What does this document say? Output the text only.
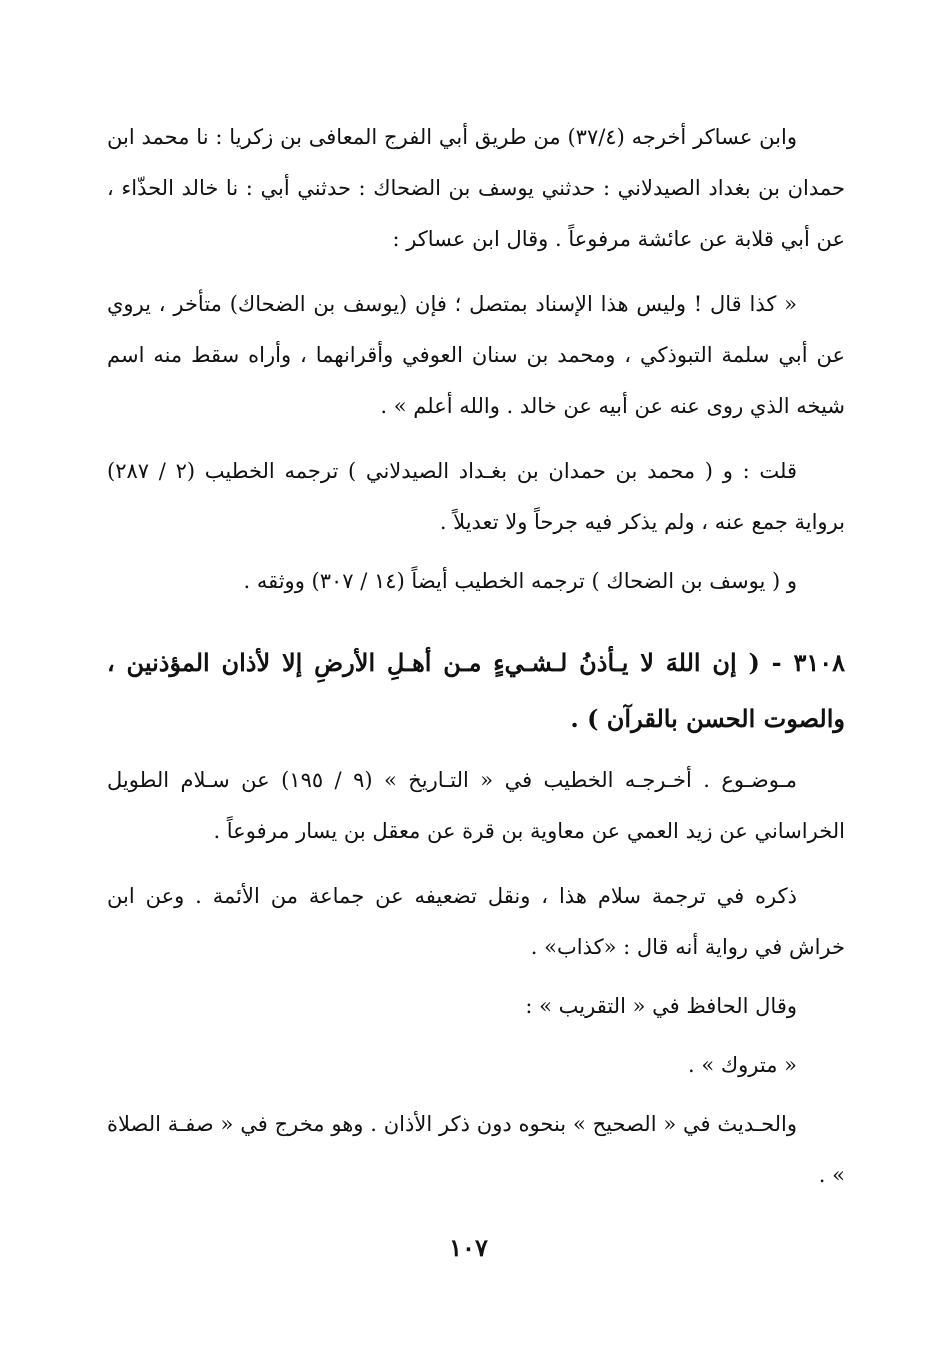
وابن عساكر أخرجه (٣٧/٤) من طريق أبي الفرج المعافى بن زكريا : نا محمد ابن حمدان بن بغداد الصيدلاني : حدثني يوسف بن الضحاك : حدثني أبي : نا خالد الحذّاء ، عن أبي قلابة عن عائشة مرفوعاً . وقال ابن عساكر :

« كذا قال ! وليس هذا الإسناد بمتصل ؛ فإن (يوسف بن الضحاك) متأخر ، يروي عن أبي سلمة التبوذكي ، ومحمد بن سنان العوفي وأقرانهما ، وأراه سقط منه اسم شيخه الذي روى عنه عن أبيه عن خالد . والله أعلم » .

قلت : و ( محمد بن حمدان بن بغـداد الصيدلاني ) ترجمه الخطيب (٢ / ٢٨٧) برواية جمع عنه ، ولم يذكر فيه جرحاً ولا تعديلاً .

و ( يوسف بن الضحاك ) ترجمه الخطيب أيضاً (١٤ / ٣٠٧) ووثقه .

٣١٠٨ - ( إن اللهَ لا يـأذنُ لـشـيءٍ مـن أهـلِ الأرضِ إلا لأذان المؤذنين ، والصوت الحسن بالقرآن ) .

مـوضـوع . أخـرجـه الخطيب في « التـاريخ » (٩ / ١٩٥) عن سـلام الطويل الخراساني عن زيد العمي عن معاوية بن قرة عن معقل بن يسار مرفوعاً .

ذكره في ترجمة سلام هذا ، ونقل تضعيفه عن جماعة من الأئمة . وعن ابن خراش في رواية أنه قال : «كذاب» .

وقال الحافظ في « التقريب » :

« متروك » .

والحـديث في « الصحيح » بنحوه دون ذكر الأذان . وهو مخرج في « صفـة الصلاة » .

١٠٧
